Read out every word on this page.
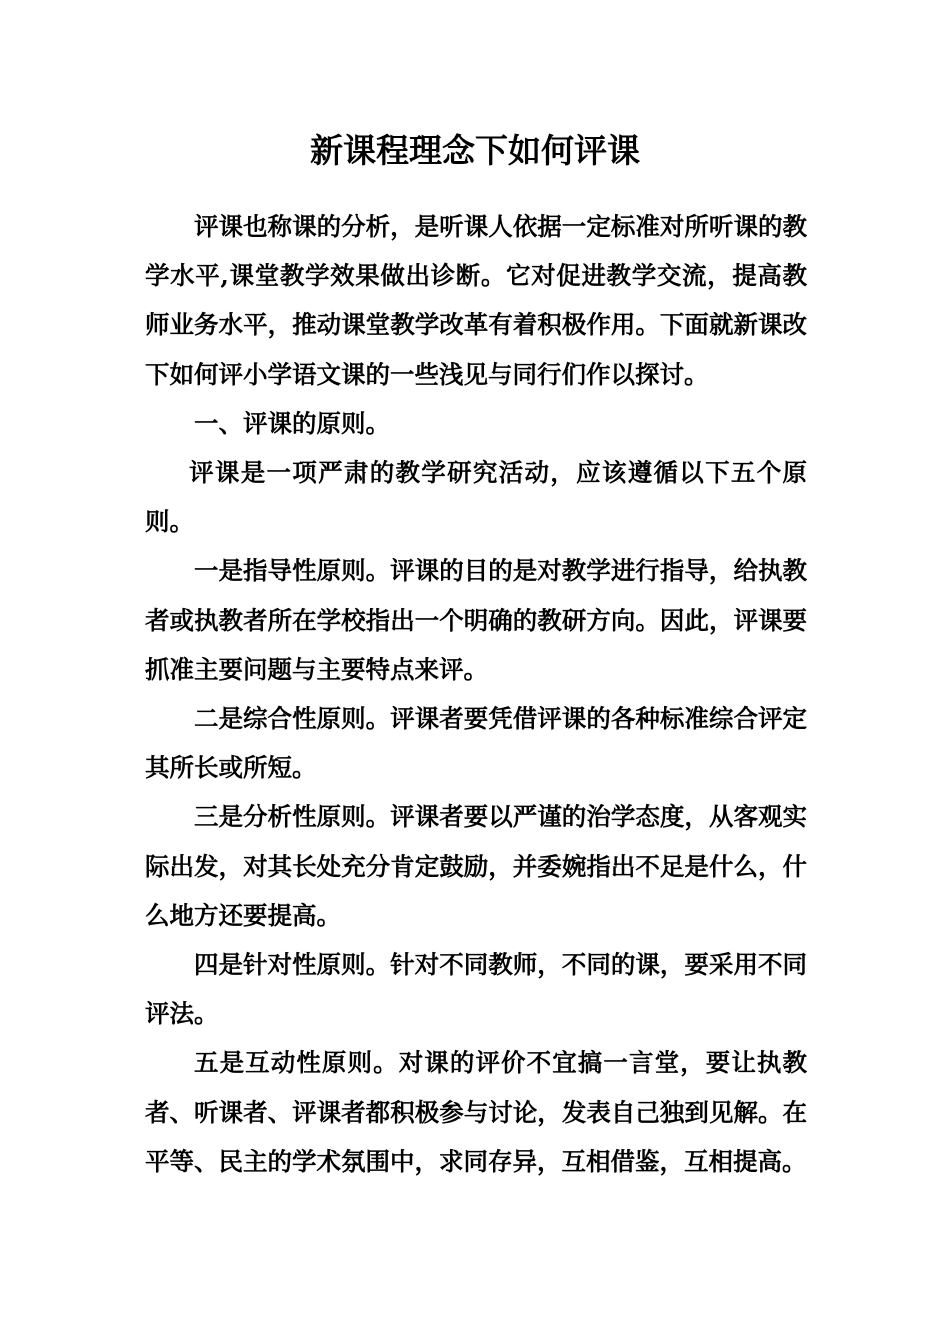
新课程理念下如何评课

评课也称课的分析，是听课人依据一定标准对所听课的教学水平,课堂教学效果做出诊断。它对促进教学交流，提高教师业务水平，推动课堂教学改革有着积极作用。下面就新课改下如何评小学语文课的一些浅见与同行们作以探讨。

一、评课的原则。

评课是一项严肃的教学研究活动，应该遵循以下五个原则。

一是指导性原则。评课的目的是对教学进行指导，给执教者或执教者所在学校指出一个明确的教研方向。因此，评课要抓准主要问题与主要特点来评。

二是综合性原则。评课者要凭借评课的各种标准综合评定其所长或所短。

三是分析性原则。评课者要以严谨的治学态度，从客观实际出发，对其长处充分肯定鼓励，并委婉指出不足是什么，什么地方还要提高。

四是针对性原则。针对不同教师，不同的课，要采用不同评法。

五是互动性原则。对课的评价不宜搞一言堂，要让执教者、听课者、评课者都积极参与讨论，发表自己独到见解。在平等、民主的学术氛围中，求同存异，互相借鉴，互相提高。
